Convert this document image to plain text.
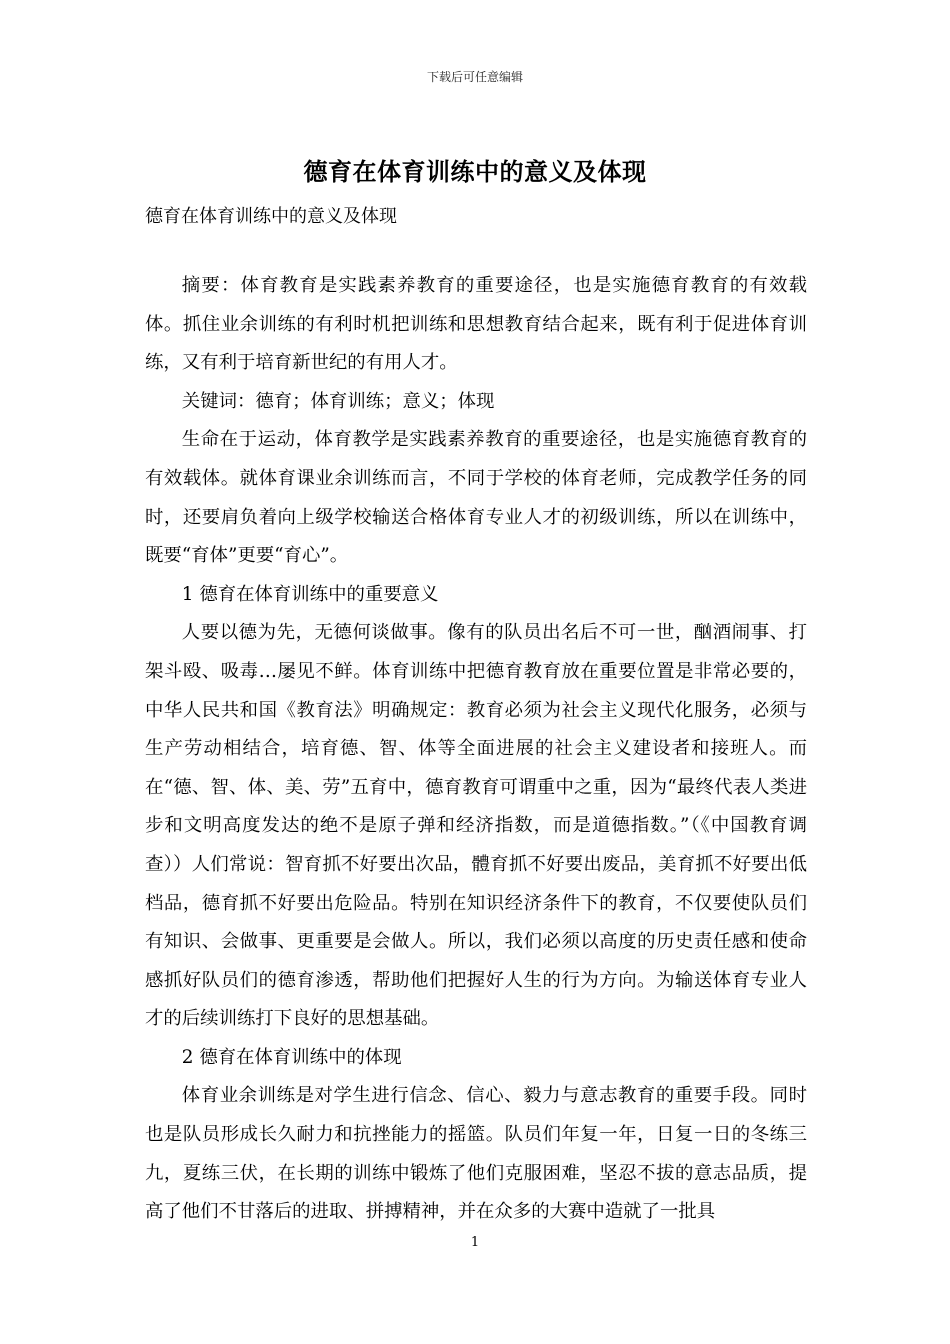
下载后可任意编辑
德育在体育训练中的意义及体现
德育在体育训练中的意义及体现

摘要：体育教育是实践素养教育的重要途径，也是实施德育教育的有效载体。抓住业余训练的有利时机把训练和思想教育结合起来，既有利于促进体育训练，又有利于培育新世纪的有用人才。

关键词：德育；体育训练；意义；体现

生命在于运动，体育教学是实践素养教育的重要途径，也是实施德育教育的有效载体。就体育课业余训练而言，不同于学校的体育老师，完成教学任务的同时，还要肩负着向上级学校输送合格体育专业人才的初级训练，所以在训练中，既要“育体”更要“育心”。

1 德育在体育训练中的重要意义

人要以德为先，无德何谈做事。像有的队员出名后不可一世，酗酒闹事、打架斗殴、吸毒…屡见不鲜。体育训练中把德育教育放在重要位置是非常必要的，中华人民共和国《教育法》明确规定：教育必须为社会主义现代化服务，必须与生产劳动相结合，培育德、智、体等全面进展的社会主义建设者和接班人。而在“德、智、体、美、劳”五育中，德育教育可谓重中之重，因为“最终代表人类进步和文明高度发达的绝不是原子弹和经济指数，而是道德指数。”（《中国教育调查））人们常说：智育抓不好要出次品，體育抓不好要出废品，美育抓不好要出低档品，德育抓不好要出危险品。特别在知识经济条件下的教育，不仅要使队员们有知识、会做事、更重要是会做人。所以，我们必须以高度的历史责任感和使命感抓好队员们的德育渗透，帮助他们把握好人生的行为方向。为输送体育专业人才的后续训练打下良好的思想基础。

2 德育在体育训练中的体现

体育业余训练是对学生进行信念、信心、毅力与意志教育的重要手段。同时也是队员形成长久耐力和抗挫能力的摇篮。队员们年复一年，日复一日的冬练三九，夏练三伏，在长期的训练中锻炼了他们克服困难，坚忍不拔的意志品质，提高了他们不甘落后的进取、拼搏精神，并在众多的大赛中造就了一批具

1
